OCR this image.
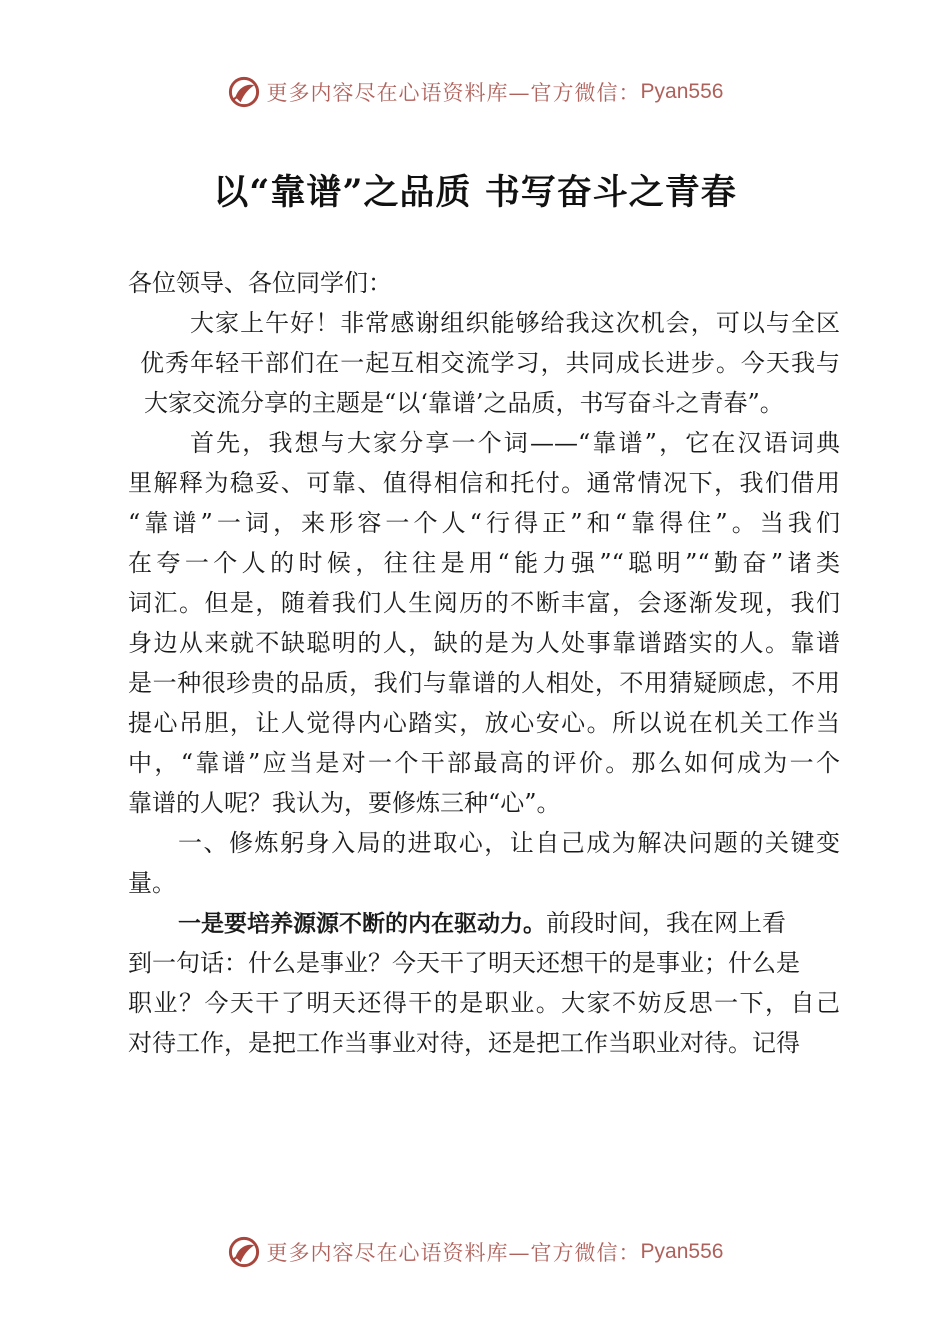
更多内容尽在心语资料库—官方微信： Pyan556
以“靠谱”之品质 书写奋斗之青春
各位领导、各位同学们：
大家上午好！非常感谢组织能够给我这次机会，可以与全区
优秀年轻干部们在一起互相交流学习，共同成长进步。今天我与
大家交流分享的主题是“以‘靠谱’之品质，书写奋斗之青春”。
首先，我想与大家分享一个词——“靠谱”，它在汉语词典
里解释为稳妥、可靠、值得相信和托付。通常情况下，我们借用
“靠谱”一词，来形容一个人“行得正”和“靠得住”。当我们
在夸一个人的时候，往往是用“能力强”“聪明”“勤奋”诸类
词汇。但是，随着我们人生阅历的不断丰富，会逐渐发现，我们
身边从来就不缺聪明的人，缺的是为人处事靠谱踏实的人。靠谱
是一种很珍贵的品质，我们与靠谱的人相处，不用猜疑顾虑，不用
提心吊胆，让人觉得内心踏实，放心安心。所以说在机关工作当
中，“靠谱”应当是对一个干部最高的评价。那么如何成为一个
靠谱的人呢？我认为，要修炼三种“心”。
一、修炼躬身入局的进取心，让自己成为解决问题的关键变
量。
一是要培养源源不断的内在驱动力。前段时间，我在网上看
到一句话：什么是事业？今天干了明天还想干的是事业；什么是
职业？今天干了明天还得干的是职业。大家不妨反思一下，自己
对待工作，是把工作当事业对待，还是把工作当职业对待。记得
更多内容尽在心语资料库—官方微信： Pyan556
